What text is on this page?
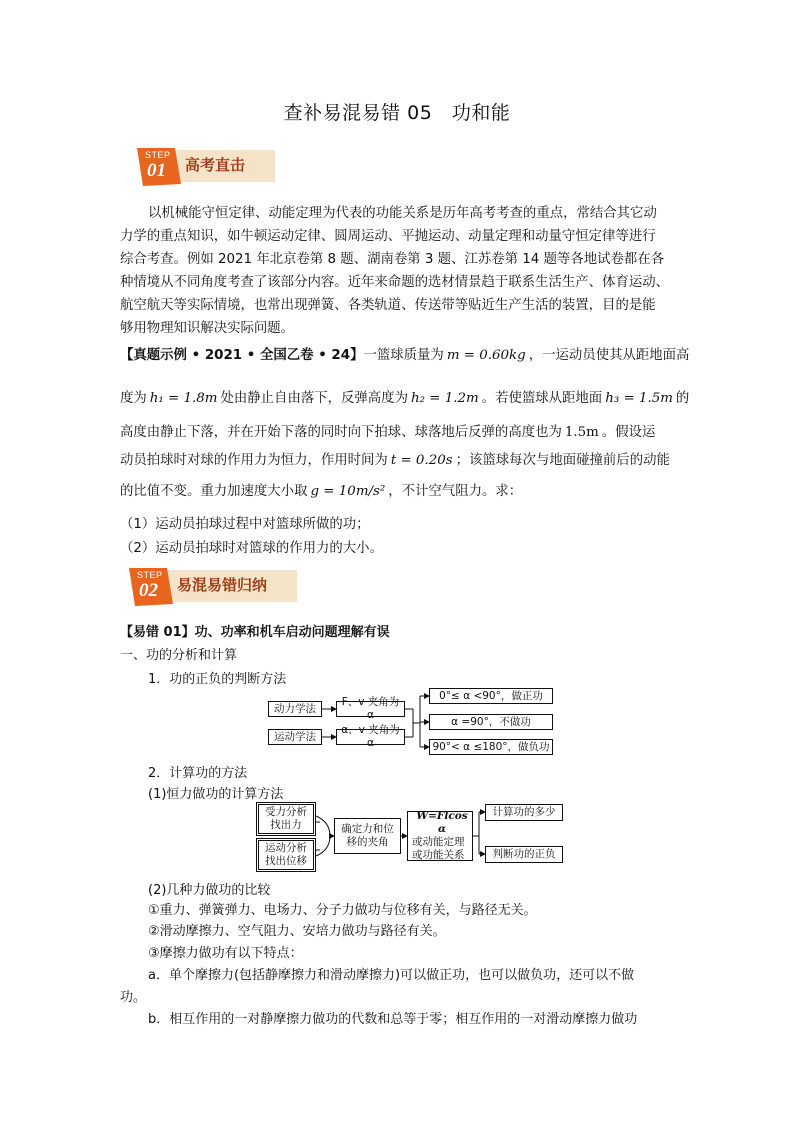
查补易混易错 05　功和能
STEP
01 高考直击

以机械能守恒定律、动能定理为代表的功能关系是历年高考考查的重点，常结合其它动

力学的重点知识，如牛顿运动定律、圆周运动、平抛运动、动量定理和动量守恒定律等进行

综合考查。例如 2021 年北京卷第 8 题、湖南卷第 3 题、江苏卷第 14 题等各地试卷都在各

种情境从不同角度考查了该部分内容。近年来命题的选材情景趋于联系生活生产、体育运动、

航空航天等实际情境，也常出现弹簧、各类轨道、传送带等贴近生产生活的装置，目的是能

够用物理知识解决实际问题。

【真题示例 • 2021 • 全国乙卷 • 24】一篮球质量为 m = 0.60kg ，一运动员使其从距地面高
度为 h₁ = 1.8m 处由静止自由落下，反弹高度为 h₂ = 1.2m 。若使篮球从距地面 h₃ = 1.5m 的
高度由静止下落，并在开始下落的同时向下拍球、球落地后反弹的高度也为 1.5m 。假设运
动员拍球时对球的作用力为恒力，作用时间为 t = 0.20s ；该篮球每次与地面碰撞前后的动能
的比值不变。重力加速度大小取 g = 10m/s² ，不计空气阻力。求：
（1）运动员拍球过程中对篮球所做的功；
（2）运动员拍球时对篮球的作用力的大小。
STEP
02 易混易错归纳
【易错 01】功、功率和机车启动问题理解有误
一、功的分析和计算
1．功的正负的判断方法
动力学法
运动学法
F、v 夹角为 α
α、v 夹角为 α
0°≤ α <90°，做正功
α =90°，不做功
90°< α ≤180°，做负功
2．计算功的方法
(1)恒力做功的计算方法
受力分析
找出力
运动分析
找出位移
确定力和位
移的夹角
W=Flcos α
或动能定理
或功能关系
计算功的多少
判断功的正负
(2)几种力做功的比较
①重力、弹簧弹力、电场力、分子力做功与位移有关，与路径无关。
②滑动摩擦力、空气阻力、安培力做功与路径有关。
③摩擦力做功有以下特点：
a．单个摩擦力(包括静摩擦力和滑动摩擦力)可以做正功，也可以做负功，还可以不做
功。
b．相互作用的一对静摩擦力做功的代数和总等于零；相互作用的一对滑动摩擦力做功
